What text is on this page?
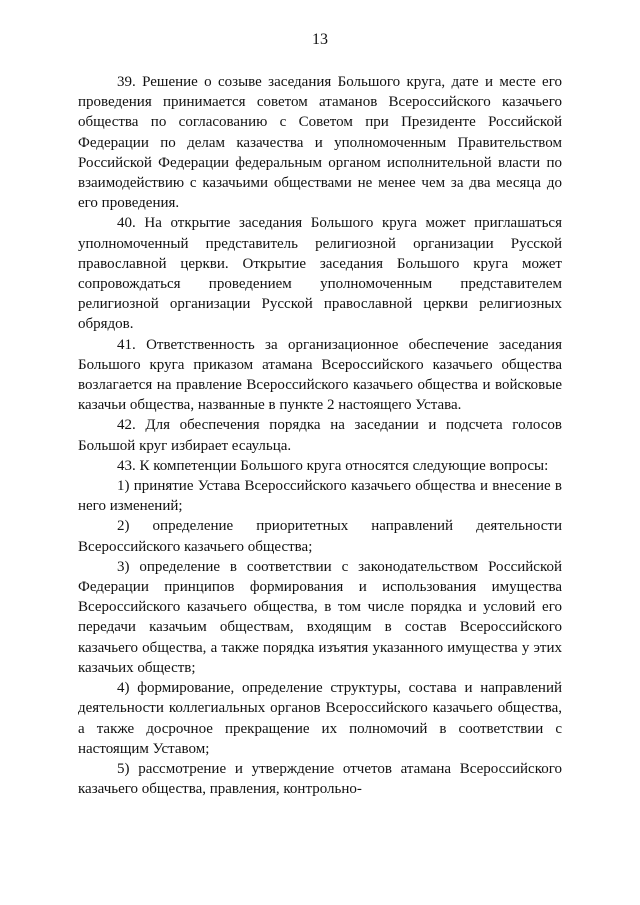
13

39. Решение о созыве заседания Большого круга, дате и месте его проведения принимается советом атаманов Всероссийского казачьего общества по согласованию с Советом при Президенте Российской Федерации по делам казачества и уполномоченным Правительством Российской Федерации федеральным органом исполнительной власти по взаимодействию с казачьими обществами не менее чем за два месяца до его проведения.

40. На открытие заседания Большого круга может приглашаться уполномоченный представитель религиозной организации Русской православной церкви. Открытие заседания Большого круга может сопровождаться проведением уполномоченным представителем религиозной организации Русской православной церкви религиозных обрядов.

41. Ответственность за организационное обеспечение заседания Большого круга приказом атамана Всероссийского казачьего общества возлагается на правление Всероссийского казачьего общества и войсковые казачьи общества, названные в пункте 2 настоящего Устава.

42. Для обеспечения порядка на заседании и подсчета голосов Большой круг избирает есаульца.

43. К компетенции Большого круга относятся следующие вопросы:

1) принятие Устава Всероссийского казачьего общества и внесение в него изменений;

2) определение приоритетных направлений деятельности Всероссийского казачьего общества;

3) определение в соответствии с законодательством Российской Федерации принципов формирования и использования имущества Всероссийского казачьего общества, в том числе порядка и условий его передачи казачьим обществам, входящим в состав Всероссийского казачьего общества, а также порядка изъятия указанного имущества у этих казачьих обществ;

4) формирование, определение структуры, состава и направлений деятельности коллегиальных органов Всероссийского казачьего общества, а также досрочное прекращение их полномочий в соответствии с настоящим Уставом;

5) рассмотрение и утверждение отчетов атамана Всероссийского казачьего общества, правления, контрольно-
